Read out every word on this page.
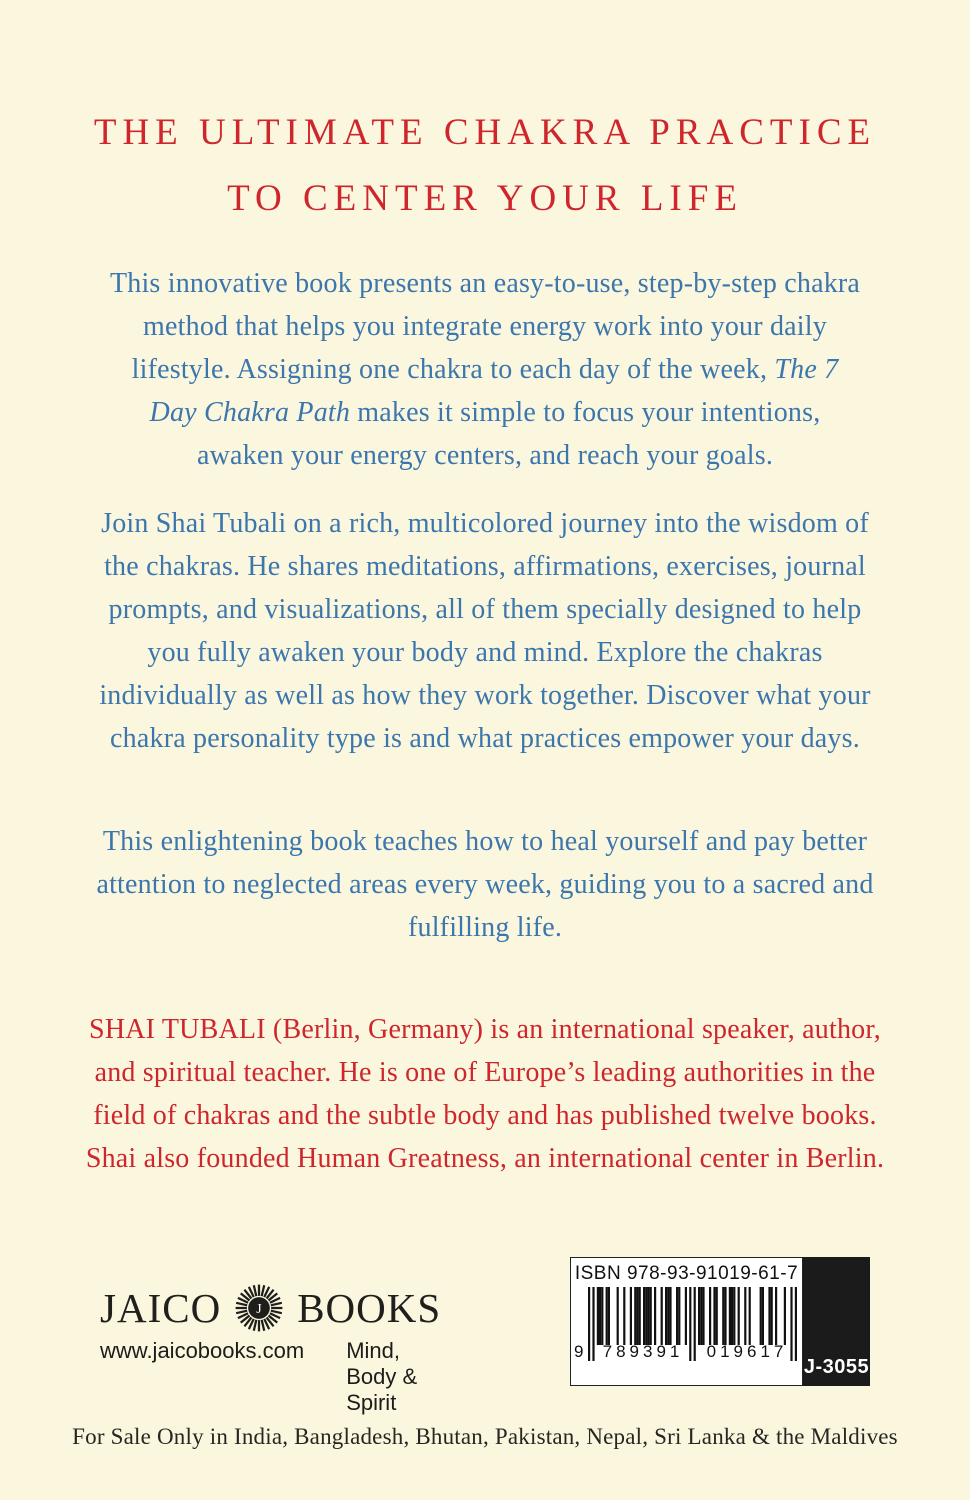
THE ULTIMATE CHAKRA PRACTICE
TO CENTER YOUR LIFE

This innovative book presents an easy-to-use, step-by-step chakra method that helps you integrate energy work into your daily lifestyle. Assigning one chakra to each day of the week, The 7 Day Chakra Path makes it simple to focus your intentions, awaken your energy centers, and reach your goals.

Join Shai Tubali on a rich, multicolored journey into the wisdom of the chakras. He shares meditations, affirmations, exercises, journal prompts, and visualizations, all of them specially designed to help you fully awaken your body and mind. Explore the chakras individually as well as how they work together. Discover what your chakra personality type is and what practices empower your days.

This enlightening book teaches how to heal yourself and pay better attention to neglected areas every week, guiding you to a sacred and fulfilling life.

SHAI TUBALI (Berlin, Germany) is an international speaker, author, and spiritual teacher. He is one of Europe’s leading authorities in the field of chakras and the subtle body and has published twelve books. Shai also founded Human Greatness, an international center in Berlin.

JAICO J BOOKS
www.jaicobooks.com Mind, Body & Spirit
ISBN 978-93-91019-61-7
9	789391	019617
J-3055
For Sale Only in India, Bangladesh, Bhutan, Pakistan, Nepal, Sri Lanka & the Maldives
